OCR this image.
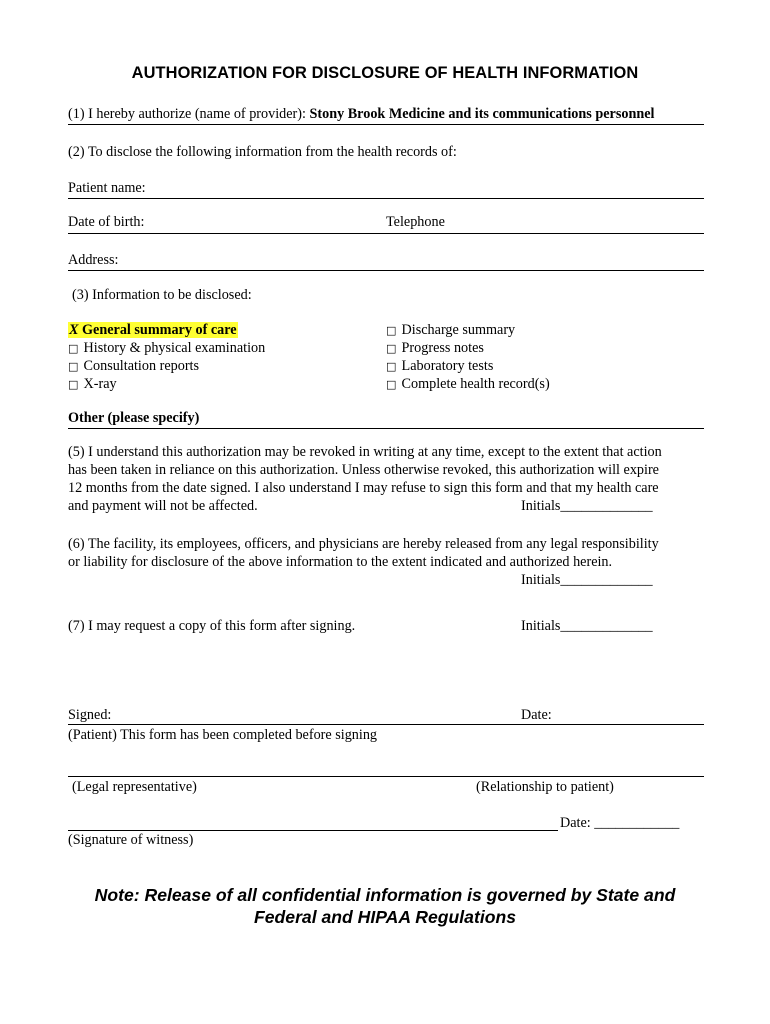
AUTHORIZATION FOR DISCLOSURE OF HEALTH INFORMATION
(1) I hereby authorize (name of provider): Stony Brook Medicine and its communications personnel
(2) To disclose the following information from the health records of:
Patient name:
Date of birth:	Telephone
Address:
(3) Information to be disclosed:
X General summary of care
□ History & physical examination
□ Consultation reports
□ X-ray
□ Discharge summary
□ Progress notes
□ Laboratory tests
□ Complete health record(s)
Other (please specify)
(5) I understand this authorization may be revoked in writing at any time, except to the extent that action
has been taken in reliance on this authorization. Unless otherwise revoked, this authorization will expire
12 months from the date signed. I also understand I may refuse to sign this form and that my health care
and payment will not be affected.	Initials_____________
(6) The facility, its employees, officers, and physicians are hereby released from any legal responsibility
or liability for disclosure of the above information to the extent indicated and authorized herein.
Initials_____________
(7) I may request a copy of this form after signing.	Initials_____________
Signed:	Date:
(Patient) This form has been completed before signing
(Legal representative)	(Relationship to patient)
Date: ____________
(Signature of witness)
Note: Release of all confidential information is governed by State and
Federal and HIPAA Regulations
